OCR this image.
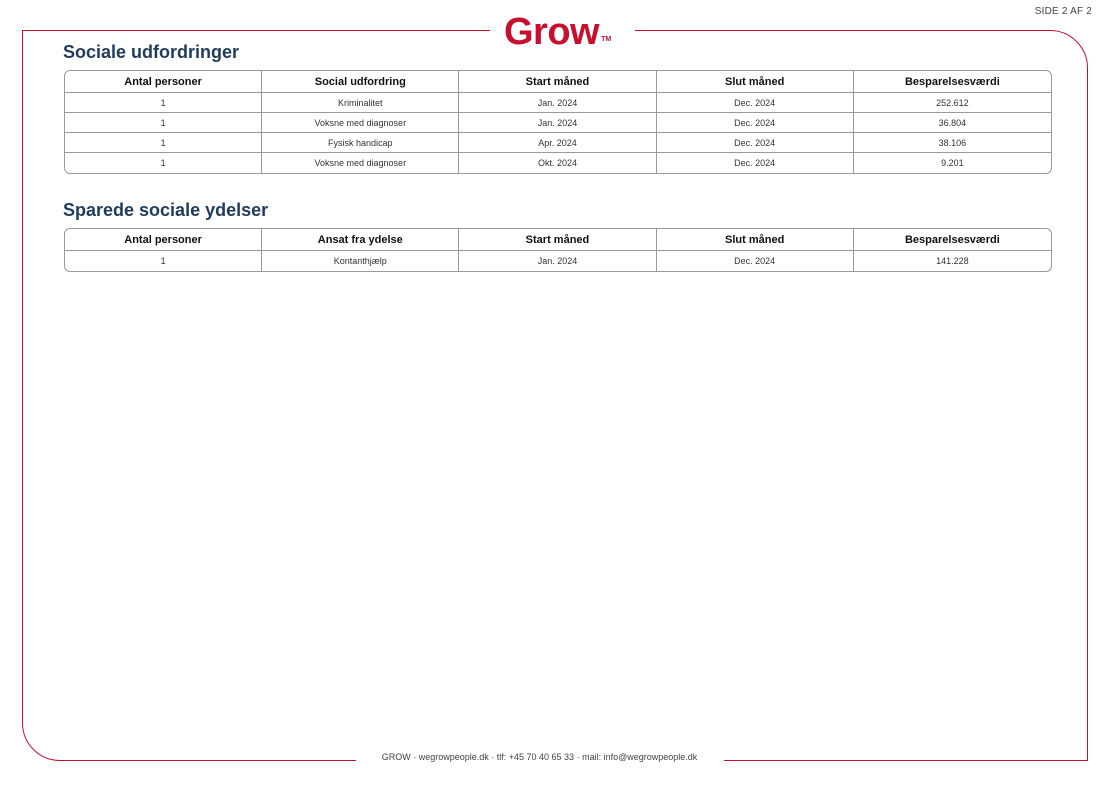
SIDE 2 AF 2
Grow ™
Sociale udfordringer
Antal personer	Social udfordring	Start måned	Slut måned	Besparelsesværdi
1	Kriminalitet	Jan. 2024	Dec. 2024	252.612
1	Voksne med diagnoser	Jan. 2024	Dec. 2024	36.804
1	Fysisk handicap	Apr. 2024	Dec. 2024	38.106
1	Voksne med diagnoser	Okt. 2024	Dec. 2024	9.201
Sparede sociale ydelser
Antal personer	Ansat fra ydelse	Start måned	Slut måned	Besparelsesværdi
1	Kontanthjælp	Jan. 2024	Dec. 2024	141.228
GROW · wegrowpeople.dk · tlf: +45 70 40 65 33 · mail: info@wegrowpeople.dk
